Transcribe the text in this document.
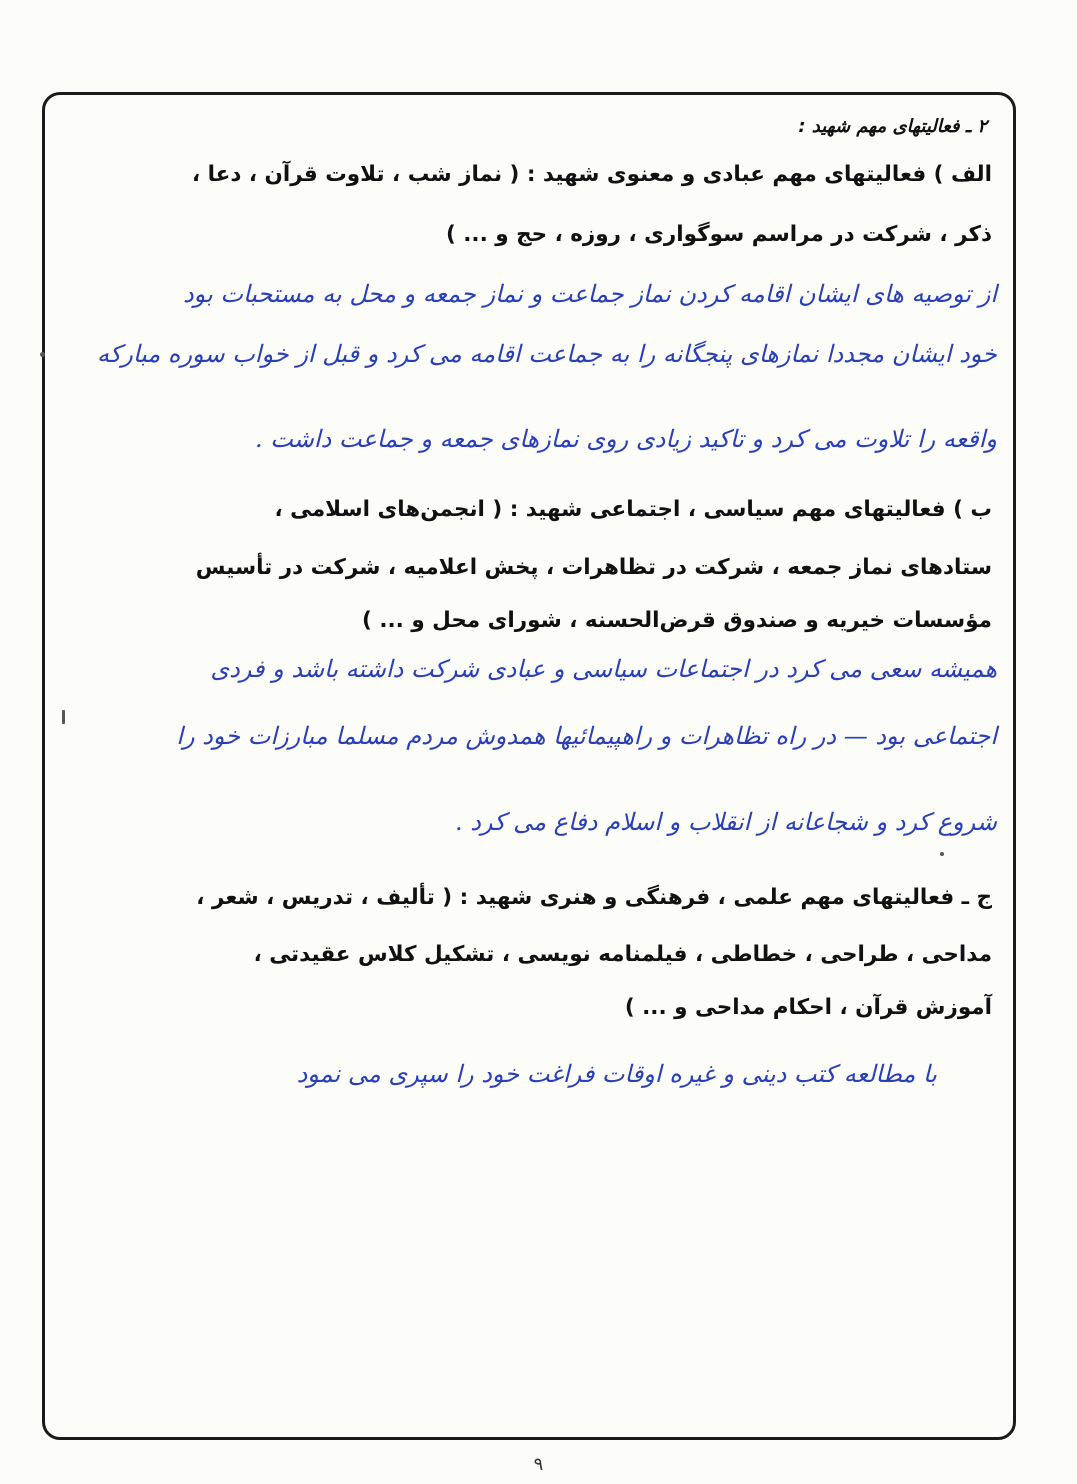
۲ ـ فعالیتهای مهم شهید :
الف ) فعالیتهای مهم عبادی و معنوی شهید : ( نماز شب ، تلاوت قرآن ، دعا ،
ذکر ، شرکت در مراسم سوگواری ، روزه ، حج و ... )
از توصیه های ایشان اقامه کردن نماز جماعت و نماز جمعه و محل به مستحبات بود
خود ایشان مجددا نمازهای پنجگانه را به جماعت اقامه می کرد و قبل از خواب سوره مبارکه
واقعه را تلاوت می کرد و تاکید زیادی روی نمازهای جمعه و جماعت داشت .
ب ) فعالیتهای مهم سیاسی ، اجتماعی شهید : ( انجمن‌های اسلامی ،
ستادهای نماز جمعه ، شرکت در تظاهرات ، پخش اعلامیه ، شرکت در تأسیس
مؤسسات خیریه و صندوق قرض‌الحسنه ، شورای محل و ... )
همیشه سعی می کرد در اجتماعات سیاسی و عبادی شرکت داشته باشد و فردی
اجتماعی بود — در راه تظاهرات و راهپیمائیها همدوش مردم مسلما مبارزات خود را
شروع کرد و شجاعانه از انقلاب و اسلام دفاع می کرد .
ج ـ فعالیتهای مهم علمی ، فرهنگی و هنری شهید : ( تألیف ، تدریس ، شعر ،
مداحی ، طراحی ، خطاطی ، فیلمنامه نویسی ، تشکیل کلاس عقیدتی ،
آموزش قرآن ، احکام مداحی و ... )
با مطالعه کتب دینی و غیره اوقات فراغت خود را سپری می نمود
۹
